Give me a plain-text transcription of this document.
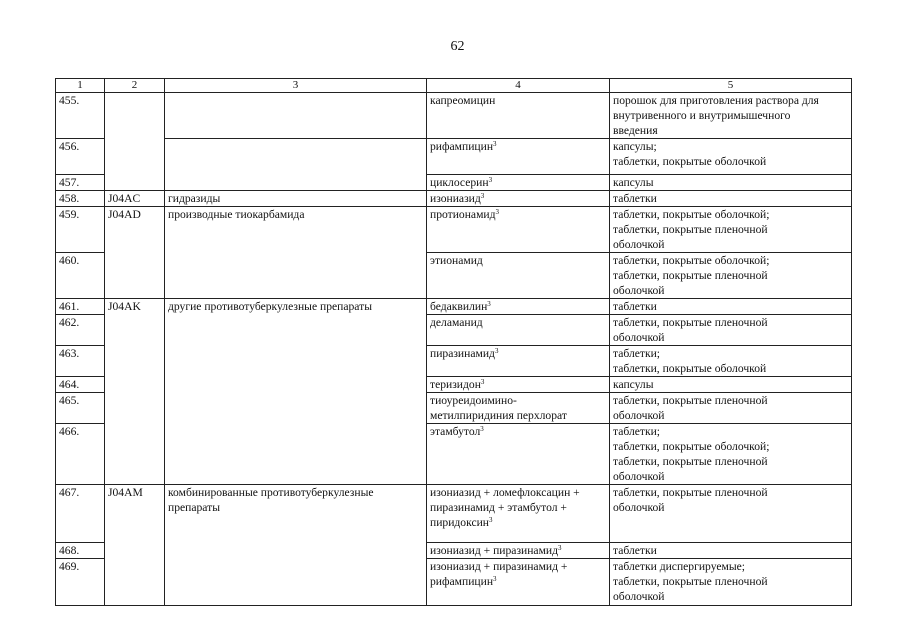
62
1	2	3	4	5
455.			капреомицин	порошок для приготовления раствора для
внутривенного и внутримышечного
введения

456.			рифампицин$^3$	капсулы;
таблетки, покрытые оболочкой

457.			циклосерин$^3$	капсулы

458.	J04AC	гидразиды	изониазид$^3$	таблетки

459.	J04AD	производные тиокарбамида	протионамид$^3$	таблетки, покрытые оболочкой;
таблетки, покрытые пленочной
оболочкой

460.			этионамид	таблетки, покрытые оболочкой;
таблетки, покрытые пленочной
оболочкой

461.	J04AK	другие противотуберкулезные препараты	бедаквилин$^3$	таблетки

462.			деламанид	таблетки, покрытые пленочной
оболочкой

463.			пиразинамид$^3$	таблетки;
таблетки, покрытые оболочкой

464.			теризидон$^3$	капсулы

465.			тиоуреидоимино-
метилпиридиния перхлорат	таблетки, покрытые пленочной
оболочкой

466.			этамбутол$^3$	таблетки;
таблетки, покрытые оболочкой;
таблетки, покрытые пленочной
оболочкой

467.	J04AM	комбинированные противотуберкулезные
препараты	изониазид + ломефлоксацин +
пиразинамид + этамбутол +
пиридоксин$^3$	таблетки, покрытые пленочной
оболочкой

468.			изониазид + пиразинамид$^3$	таблетки

469.			изониазид + пиразинамид +
рифампицин$^3$	таблетки диспергируемые;
таблетки, покрытые пленочной
оболочкой
